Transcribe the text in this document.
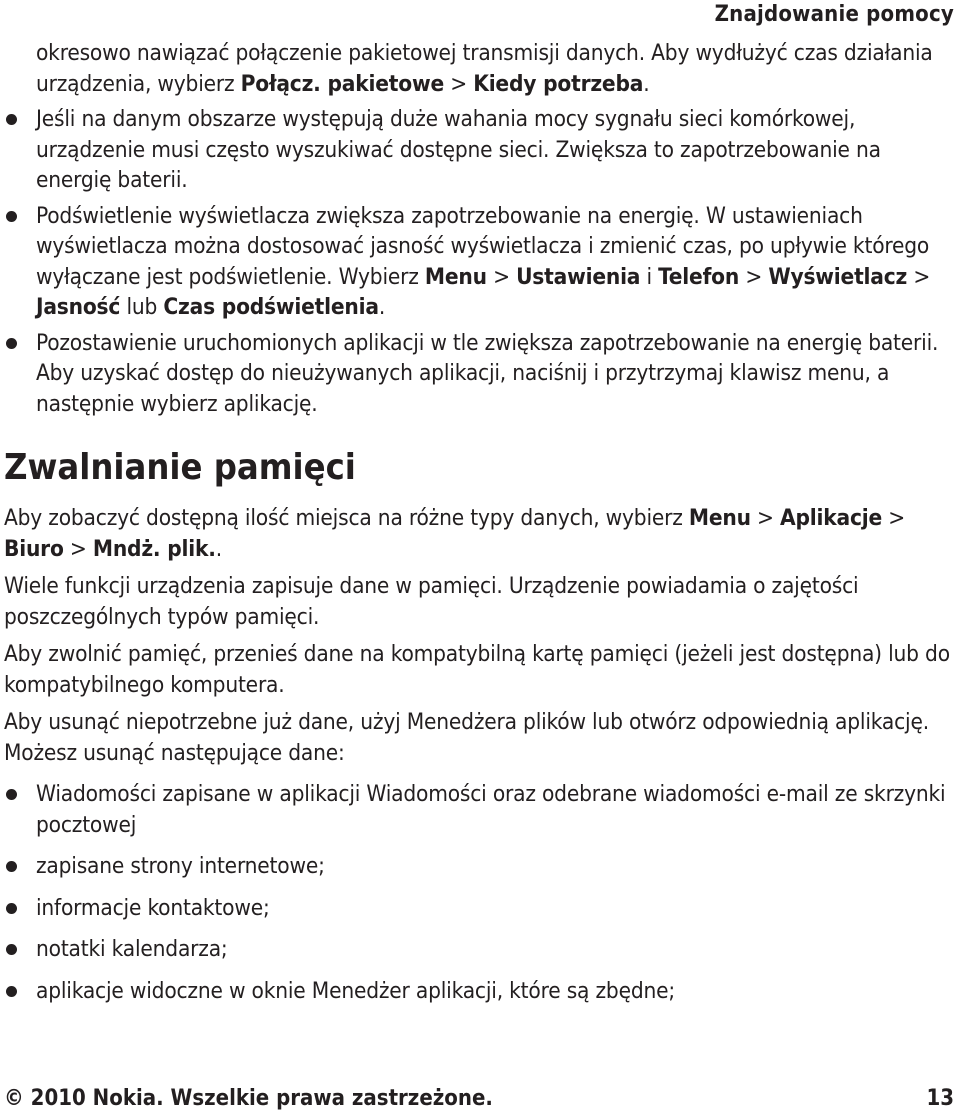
Znajdowanie pomocy

okresowo nawiązać połączenie pakietowej transmisji danych. Aby wydłużyć czas działania urządzenia, wybierz Połącz. pakietowe > Kiedy potrzeba.

Jeśli na danym obszarze występują duże wahania mocy sygnału sieci komórkowej, urządzenie musi często wyszukiwać dostępne sieci. Zwiększa to zapotrzebowanie na energię baterii.
Podświetlenie wyświetlacza zwiększa zapotrzebowanie na energię. W ustawieniach wyświetlacza można dostosować jasność wyświetlacza i zmienić czas, po upływie którego wyłączane jest podświetlenie. Wybierz Menu > Ustawienia i Telefon > Wyświetlacz > Jasność lub Czas podświetlenia.
Pozostawienie uruchomionych aplikacji w tle zwiększa zapotrzebowanie na energię baterii. Aby uzyskać dostęp do nieużywanych aplikacji, naciśnij i przytrzymaj klawisz menu, a następnie wybierz aplikację.
Zwalnianie pamięci

Aby zobaczyć dostępną ilość miejsca na różne typy danych, wybierz Menu > Aplikacje > Biuro > Mndż. plik..

Wiele funkcji urządzenia zapisuje dane w pamięci. Urządzenie powiadamia o zajętości poszczególnych typów pamięci.

Aby zwolnić pamięć, przenieś dane na kompatybilną kartę pamięci (jeżeli jest dostępna) lub do kompatybilnego komputera.

Aby usunąć niepotrzebne już dane, użyj Menedżera plików lub otwórz odpowiednią aplikację. Możesz usunąć następujące dane:

Wiadomości zapisane w aplikacji Wiadomości oraz odebrane wiadomości e-mail ze skrzynki pocztowej
zapisane strony internetowe;
informacje kontaktowe;
notatki kalendarza;
aplikacje widoczne w oknie Menedżer aplikacji, które są zbędne;
© 2010 Nokia. Wszelkie prawa zastrzeżone.	13
